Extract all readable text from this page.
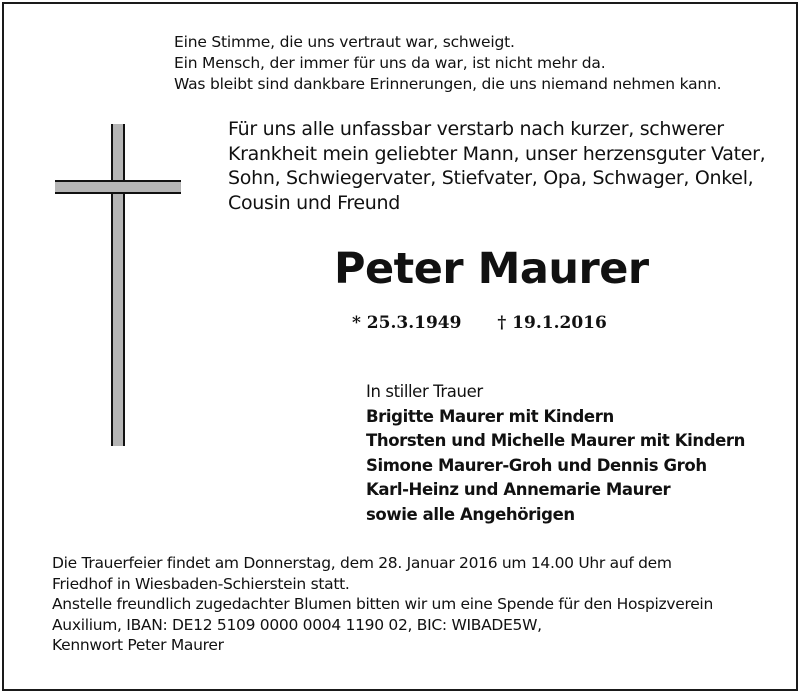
Eine Stimme, die uns vertraut war, schweigt.
Ein Mensch, der immer für uns da war, ist nicht mehr da.
Was bleibt sind dankbare Erinnerungen, die uns niemand nehmen kann.
Für uns alle unfassbar verstarb nach kurzer, schwerer
Krankheit mein geliebter Mann, unser herzensguter Vater,
Sohn, Schwiegervater, Stiefvater, Opa, Schwager, Onkel,
Cousin und Freund
Peter Maurer
* 25.3.1949 † 19.1.2016
In stiller Trauer
Brigitte Maurer mit Kindern
Thorsten und Michelle Maurer mit Kindern
Simone Maurer-Groh und Dennis Groh
Karl-Heinz und Annemarie Maurer
sowie alle Angehörigen
Die Trauerfeier findet am Donnerstag, dem 28. Januar 2016 um 14.00 Uhr auf dem
Friedhof in Wiesbaden-Schierstein statt.
Anstelle freundlich zugedachter Blumen bitten wir um eine Spende für den Hospizverein
Auxilium, IBAN: DE12 5109 0000 0004 1190 02, BIC: WIBADE5W,
Kennwort Peter Maurer
